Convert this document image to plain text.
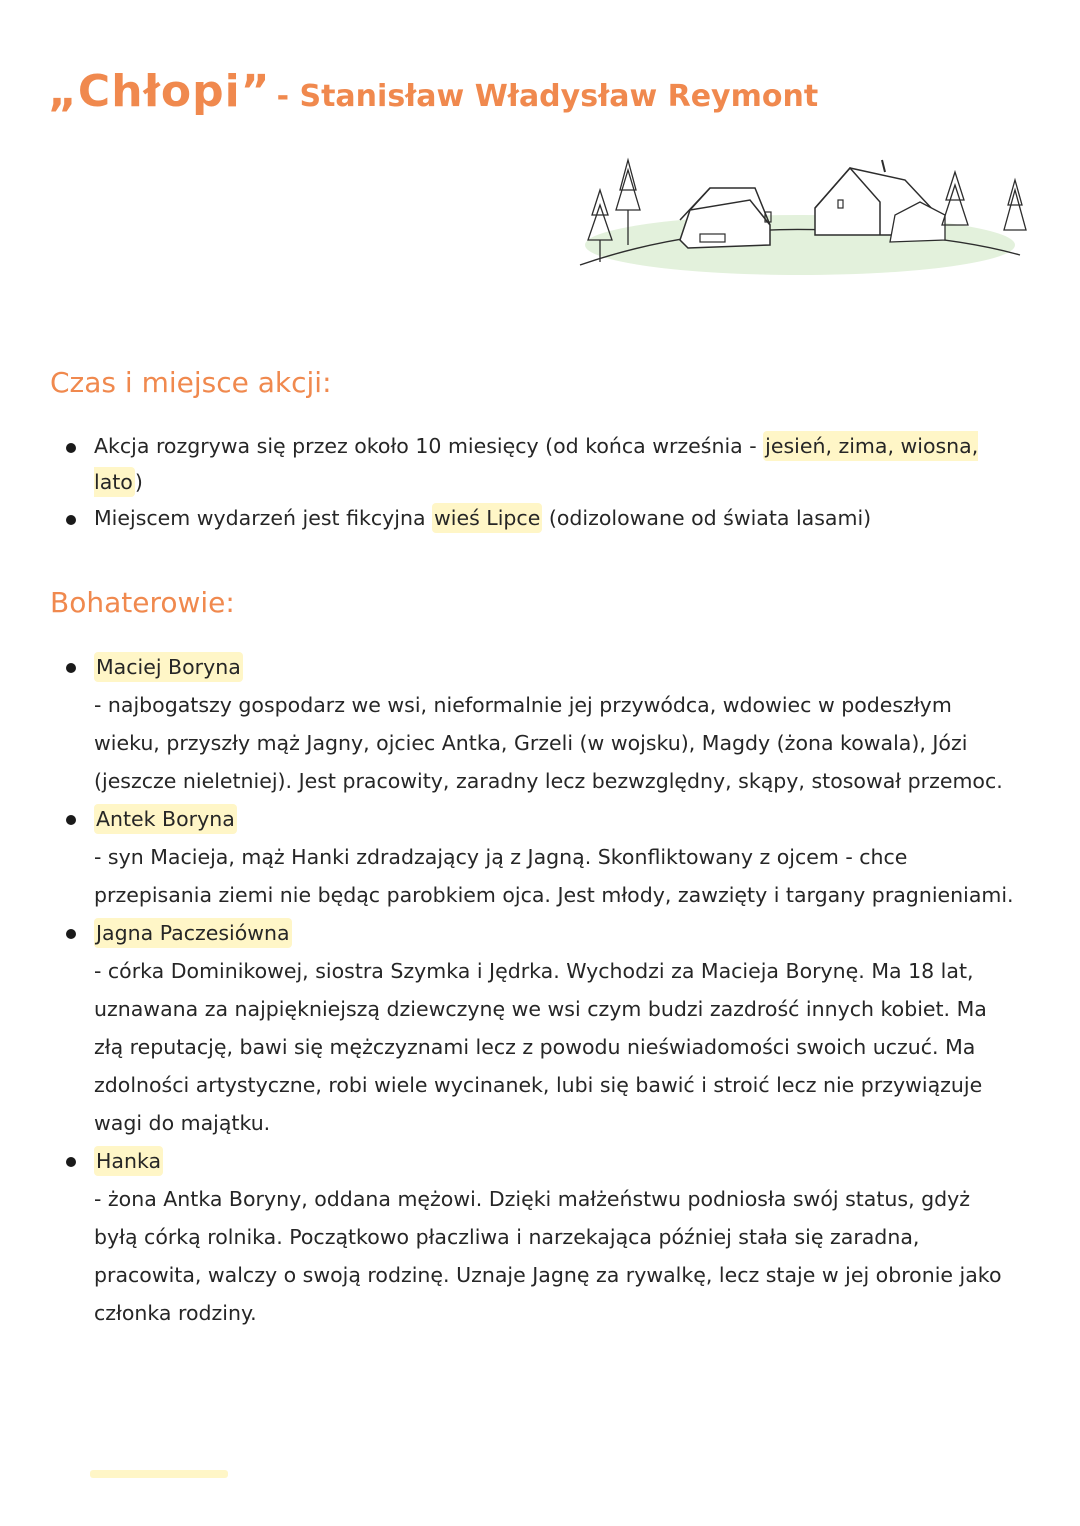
„Chłopi” - Stanisław Władysław Reymont
Czas i miejsce akcji:
Akcja rozgrywa się przez około 10 miesięcy (od końca września - jesień, zima, wiosna, lato)
Miejscem wydarzeń jest fikcyjna wieś Lipce (odizolowane od świata lasami)
Bohaterowie:
Maciej Boryna
- najbogatszy gospodarz we wsi, nieformalnie jej przywódca, wdowiec w podeszłym wieku, przyszły mąż Jagny, ojciec Antka, Grzeli (w wojsku), Magdy (żona kowala), Józi (jeszcze nieletniej). Jest pracowity, zaradny lecz bezwzględny, skąpy, stosował przemoc.
Antek Boryna
- syn Macieja, mąż Hanki zdradzający ją z Jagną. Skonfliktowany z ojcem - chce przepisania ziemi nie będąc parobkiem ojca. Jest młody, zawzięty i targany pragnieniami.
Jagna Paczesiówna
- córka Dominikowej, siostra Szymka i Jędrka. Wychodzi za Macieja Borynę. Ma 18 lat, uznawana za najpiękniejszą dziewczynę we wsi czym budzi zazdrość innych kobiet. Ma złą reputację, bawi się mężczyznami lecz z powodu nieświadomości swoich uczuć. Ma zdolności artystyczne, robi wiele wycinanek, lubi się bawić i stroić lecz nie przywiązuje wagi do majątku.
Hanka
- żona Antka Boryny, oddana mężowi. Dzięki małżeństwu podniosła swój status, gdyż byłą córką rolnika. Początkowo płaczliwa i narzekająca później stała się zaradna, pracowita, walczy o swoją rodzinę. Uznaje Jagnę za rywalkę, lecz staje w jej obronie jako członka rodziny.
